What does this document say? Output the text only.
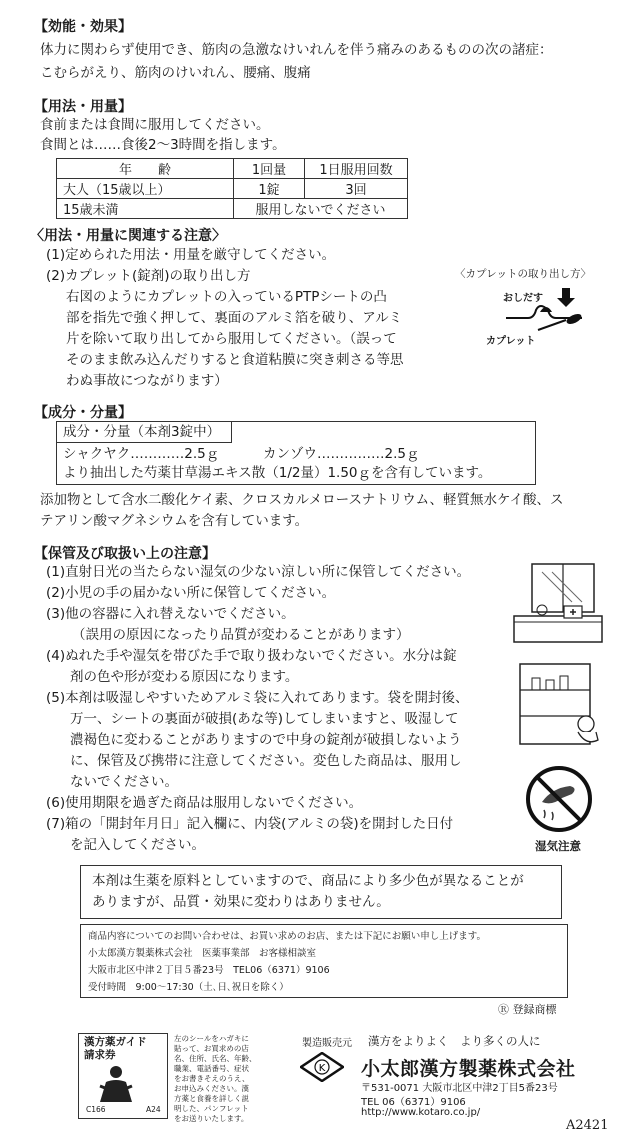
【効能・効果】
体力に関わらず使用でき、筋肉の急激なけいれんを伴う痛みのあるものの次の諸症：
こむらがえり、筋肉のけいれん、腰痛、腹痛
【用法・用量】
食前または食間に服用してください。
食間とは……食後2～3時間を指します。
年　　齢	1回量	1日服用回数
大人（15歳以上）	1錠	3回
15歳未満	服用しないでください	
〈用法・用量に関連する注意〉
(1)定められた用法・用量を厳守してください。
(2)カプレット(錠剤)の取り出し方
右図のようにカプレットの入っているPTPシートの凸
部を指先で強く押して、裏面のアルミ箔を破り、アルミ
片を除いて取り出してから服用してください。（誤って
そのまま飲み込んだりすると食道粘膜に突き刺さる等思
わぬ事故につながります）
〈カプレットの取り出し方〉
おしだす
カプレット
【成分・分量】
成分・分量（本剤3錠中）
シャクヤク…………2.5ｇ	カンゾウ……………2.5ｇ
より抽出した芍薬甘草湯エキス散（1/2量）1.50ｇを含有しています。
添加物として含水二酸化ケイ素、クロスカルメロースナトリウム、軽質無水ケイ酸、ス
テアリン酸マグネシウムを含有しています。
【保管及び取扱い上の注意】
(1)直射日光の当たらない湿気の少ない涼しい所に保管してください。
(2)小児の手の届かない所に保管してください。
(3)他の容器に入れ替えないでください。
（誤用の原因になったり品質が変わることがあります）
(4)ぬれた手や湿気を帯びた手で取り扱わないでください。水分は錠
剤の色や形が変わる原因になります。
(5)本剤は吸湿しやすいためアルミ袋に入れてあります。袋を開封後、
万一、シートの裏面が破損(あな等)してしまいますと、吸湿して
濃褐色に変わることがありますので中身の錠剤が破損しないよう
に、保管及び携帯に注意してください。変色した商品は、服用し
ないでください。
(6)使用期限を過ぎた商品は服用しないでください。
(7)箱の「開封年月日」記入欄に、内袋(アルミの袋)を開封した日付
を記入してください。	湿気注意
本剤は生薬を原料としていますので、商品により多少色が異なることが
ありますが、品質・効果に変わりはありません。
商品内容についてのお問い合わせは、お買い求めのお店、または下記にお願い申し上げます。
小太郎漢方製薬株式会社　医薬事業部　お客様相談室
大阪市北区中津２丁目５番23号　TEL06（6371）9106
受付時間　9:00～17:30（土､日､祝日を除く）
Ⓡ 登録商標
漢方薬ガイド
請求券
C166	A24
左のシールをハガキに
貼って、お買求めの店
名、住所、氏名、年齢、
職業、電話番号、症状
をお書きそえのうえ、
お申込みください。漢
方薬と食養を詳しく説
明した、パンフレット
をお送りいたします。
製造販売元 漢方をよりよく　より多くの人に
K 小太郎漢方製薬株式会社
〒531-0071 大阪市北区中津2丁目5番23号
TEL 06（6371）9106
http://www.kotaro.co.jp/
A2421
